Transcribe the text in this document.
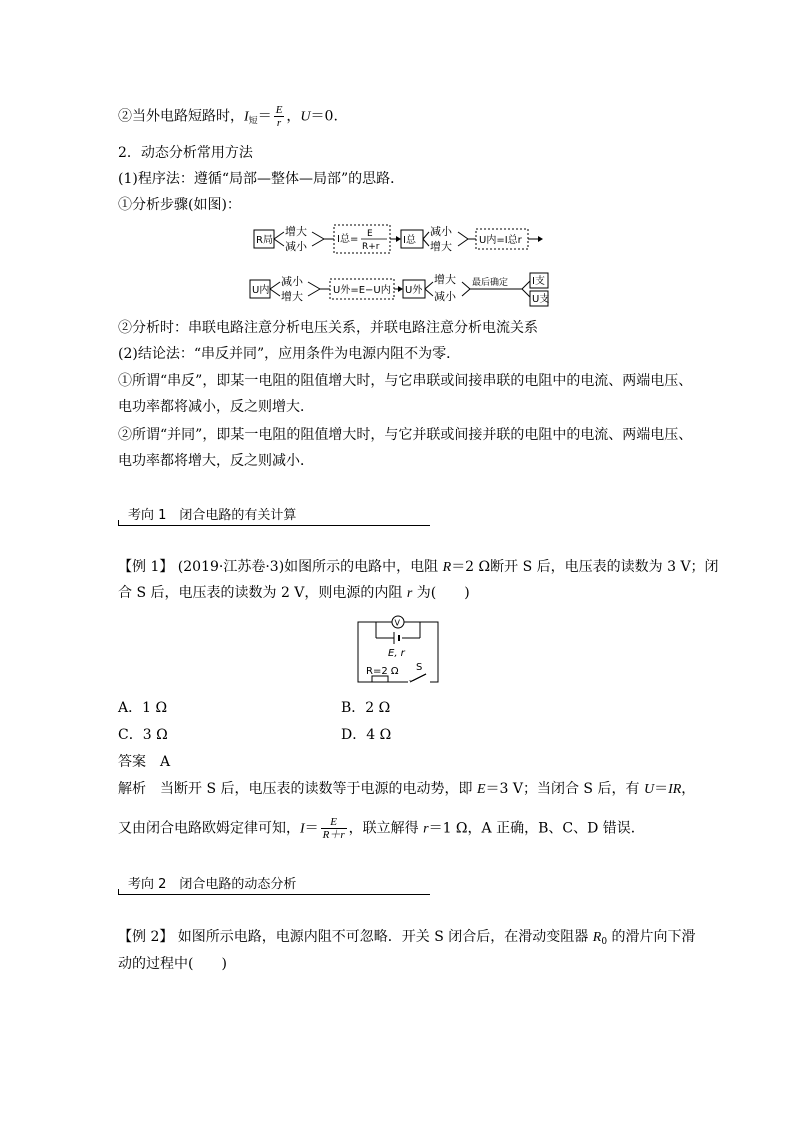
②当外电路短路时，$I_短= \frac{E}{r}$ ，U＝0.
2．动态分析常用方法
(1)程序法：遵循“局部—整体—局部”的思路．
①分析步骤(如图)：
R局
增大
减小
I总= E
R+r
I总
减小
增大	U内=I总r
U内
减小
增大	U外=E−U内 U外
增大
减小
最后确定 I支
U支
②分析时：串联电路注意分析电压关系，并联电路注意分析电流关系
(2)结论法：“串反并同”，应用条件为电源内阻不为零．
①所谓“串反”，即某一电阻的阻值增大时，与它串联或间接串联的电阻中的电流、两端电压、
电功率都将减小，反之则增大．
②所谓“并同”，即某一电阻的阻值增大时，与它并联或间接并联的电阻中的电流、两端电压、
电功率都将增大，反之则减小．
考向 1　闭合电路的有关计算
【例 1】 (2019·江苏卷·3)如图所示的电路中，电阻 R＝2 Ω断开 S 后，电压表的读数为 3 V；闭
合 S 后，电压表的读数为 2 V，则电源的内阻 r 为(　　)
V
E, r
R=2 Ω S
A．1 Ω	B．2 Ω
C．3 Ω	D．4 Ω
答案　A
解析　当断开 S 后，电压表的读数等于电源的电动势，即 E＝3 V；当闭合 S 后，有 U＝IR，
又由闭合电路欧姆定律可知，$I= \frac{E}{R+r}$ ，联立解得 r＝1 Ω，A 正确，B、C、D 错误．
考向 2　闭合电路的动态分析
【例 2】 如图所示电路，电源内阻不可忽略．开关 S 闭合后，在滑动变阻器 $R_0$ 的滑片向下滑
动的过程中(　　)
